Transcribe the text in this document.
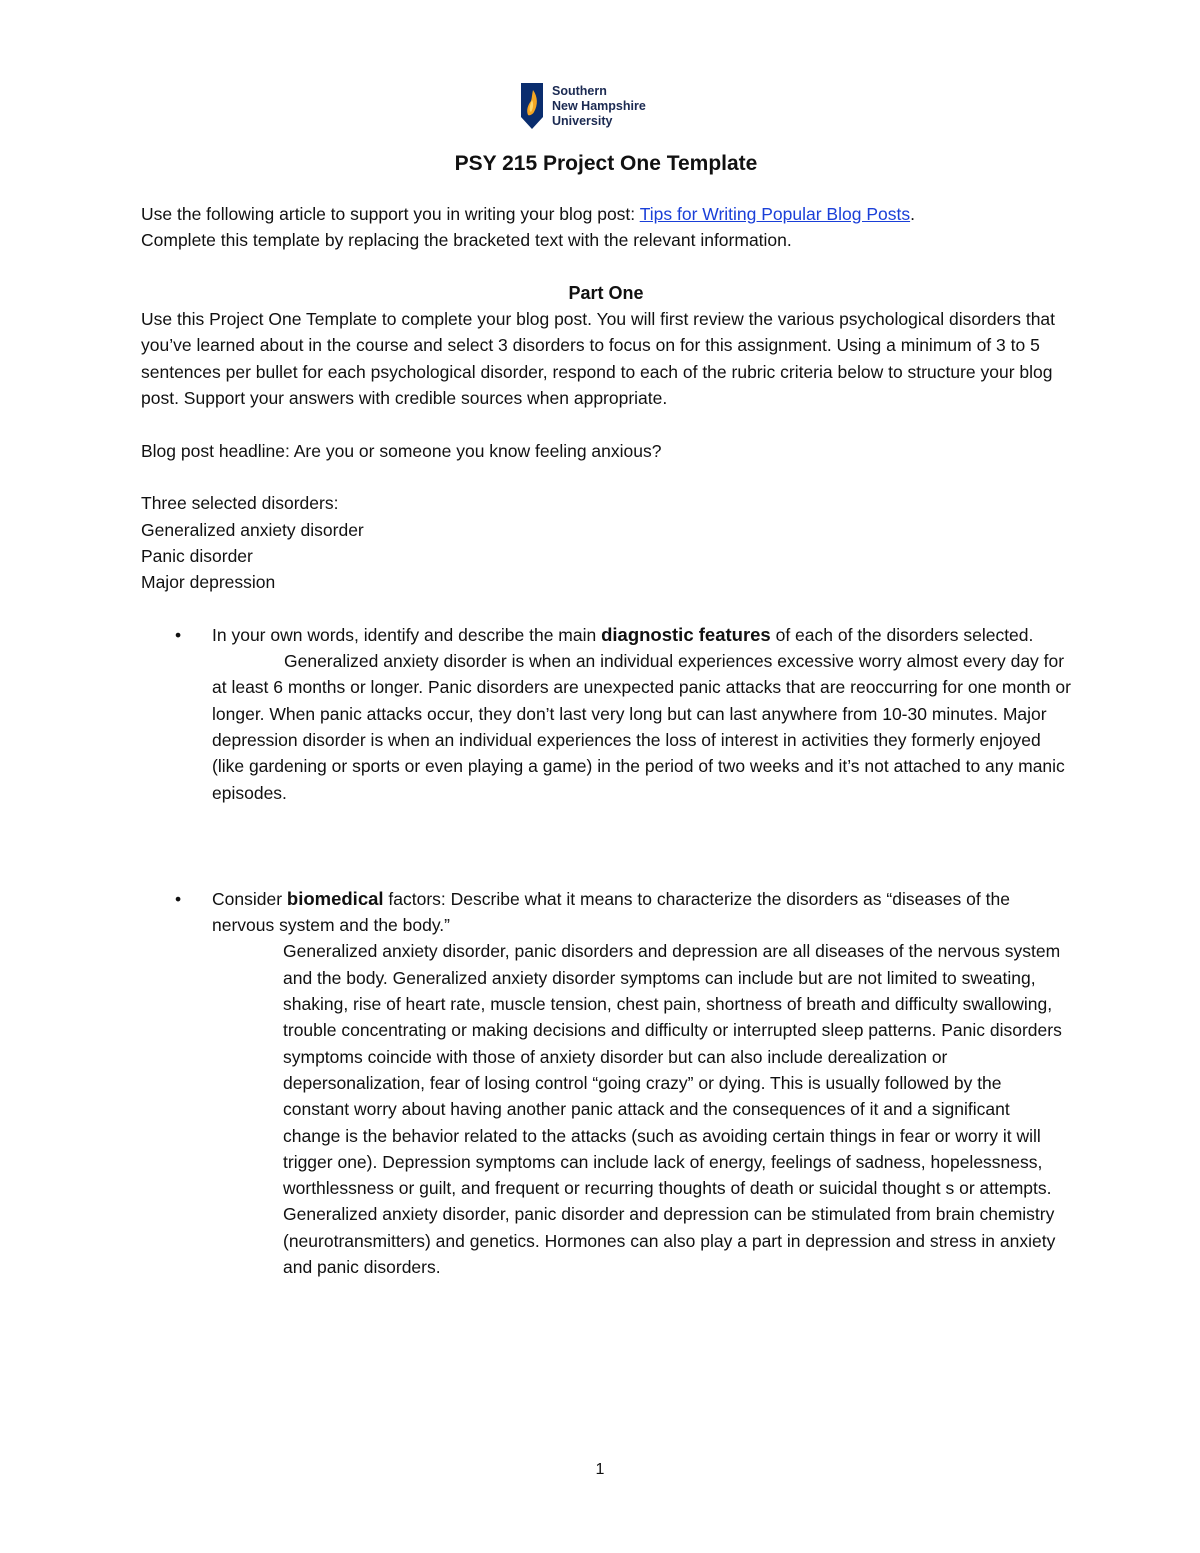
Southern
New Hampshire
University
PSY 215 Project One Template

Use the following article to support you in writing your blog post: Tips for Writing Popular Blog Posts.

Complete this template by replacing the bracketed text with the relevant information.

Part One

Use this Project One Template to complete your blog post. You will first review the various psychological disorders that you’ve learned about in the course and select 3 disorders to focus on for this assignment. Using a minimum of 3 to 5 sentences per bullet for each psychological disorder, respond to each of the rubric criteria below to structure your blog post. Support your answers with credible sources when appropriate.

Blog post headline: Are you or someone you know feeling anxious?

Three selected disorders:

Generalized anxiety disorder

Panic disorder

Major depression

• In your own words, identify and describe the main diagnostic features of each of the disorders selected.

Generalized anxiety disorder is when an individual experiences excessive worry almost every day for at least 6 months or longer. Panic disorders are unexpected panic attacks that are reoccurring for one month or longer. When panic attacks occur, they don’t last very long but can last anywhere from 10-30 minutes. Major depression disorder is when an individual experiences the loss of interest in activities they formerly enjoyed (like gardening or sports or even playing a game) in the period of two weeks and it’s not attached to any manic episodes.

• Consider biomedical factors: Describe what it means to characterize the disorders as “diseases of the nervous system and the body.”

Generalized anxiety disorder, panic disorders and depression are all diseases of the nervous system and the body. Generalized anxiety disorder symptoms can include but are not limited to sweating, shaking, rise of heart rate, muscle tension, chest pain, shortness of breath and difficulty swallowing, trouble concentrating or making decisions and difficulty or interrupted sleep patterns. Panic disorders symptoms coincide with those of anxiety disorder but can also include derealization or depersonalization, fear of losing control “going crazy” or dying. This is usually followed by the constant worry about having another panic attack and the consequences of it and a significant change is the behavior related to the attacks (such as avoiding certain things in fear or worry it will trigger one). Depression symptoms can include lack of energy, feelings of sadness, hopelessness, worthlessness or guilt, and frequent or recurring thoughts of death or suicidal thought s or attempts. Generalized anxiety disorder, panic disorder and depression can be stimulated from brain chemistry (neurotransmitters) and genetics. Hormones can also play a part in depression and stress in anxiety and panic disorders.

1
